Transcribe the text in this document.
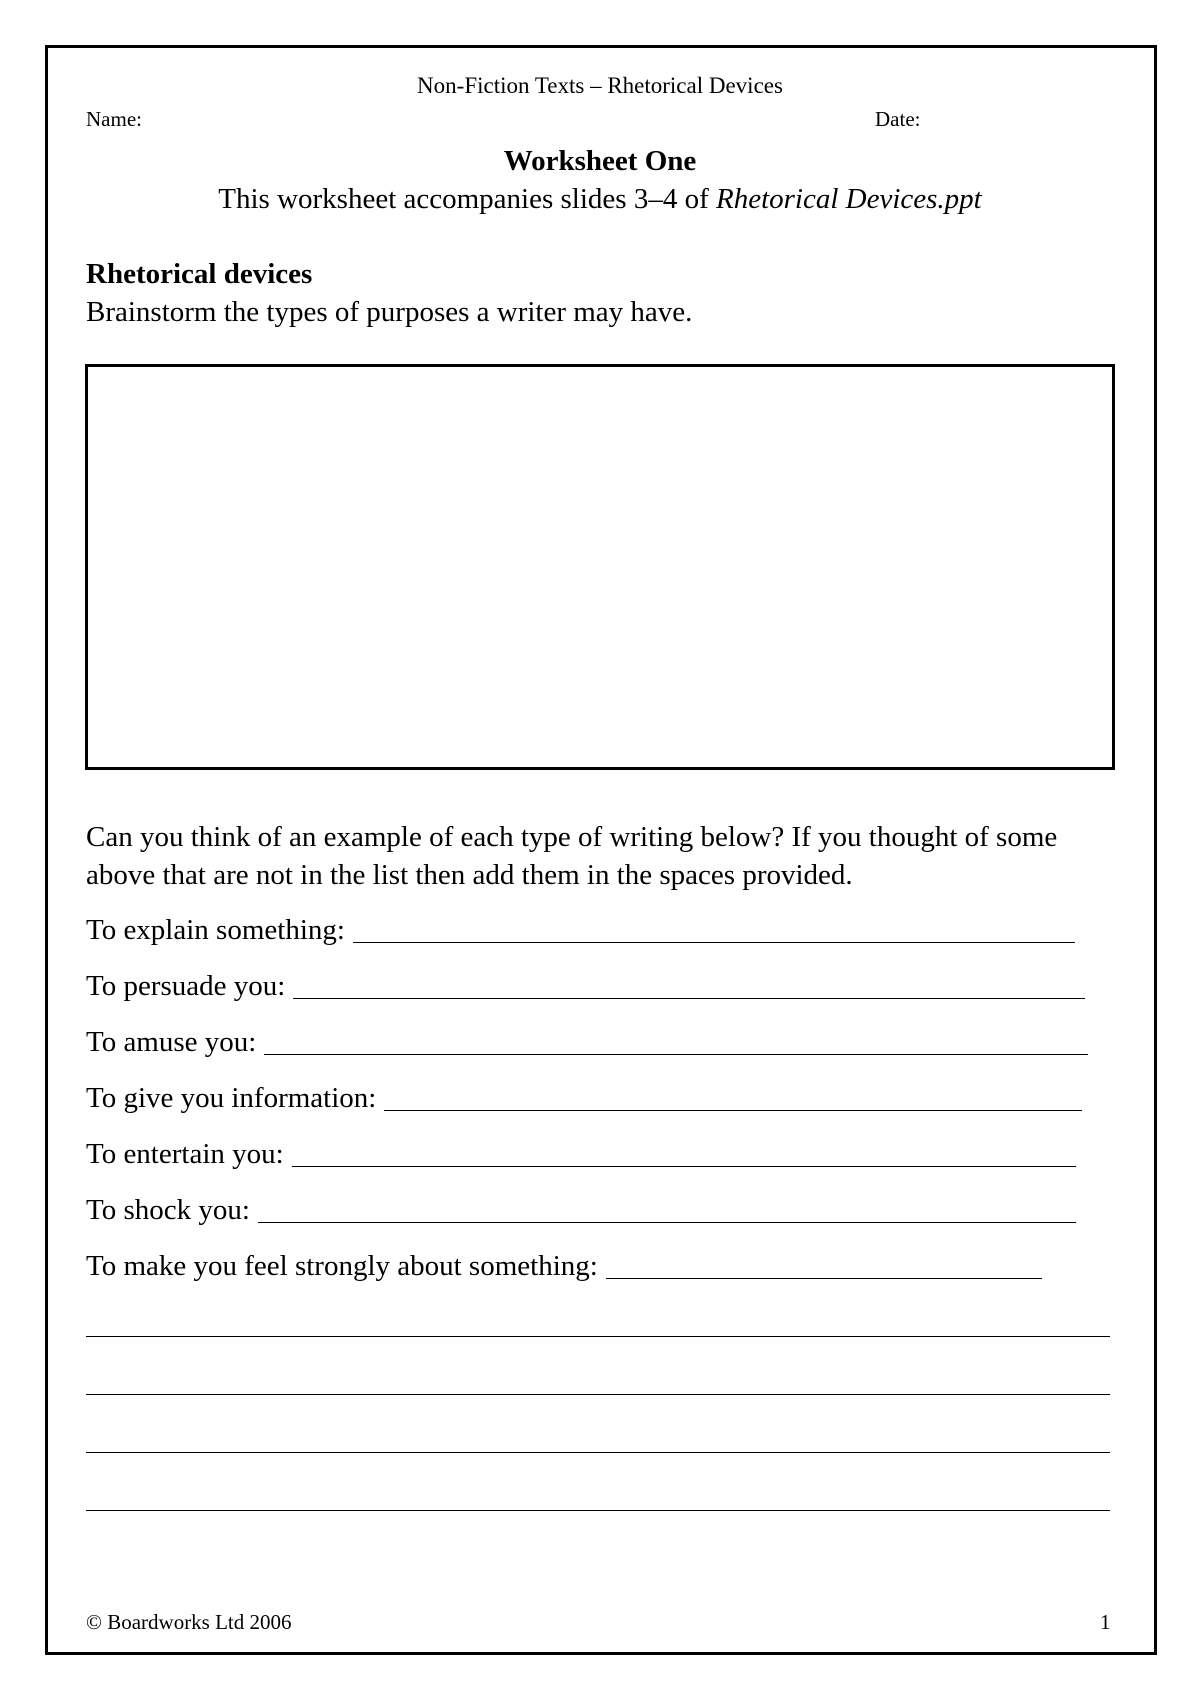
Non-Fiction Texts – Rhetorical Devices
Name:	Date:
Worksheet One
This worksheet accompanies slides 3–4 of Rhetorical Devices.ppt
Rhetorical devices
Brainstorm the types of purposes a writer may have.
Can you think of an example of each type of writing below? If you thought of some above that are not in the list then add them in the spaces provided.
To explain something:
To persuade you:
To amuse you:
To give you information:
To entertain you:
To shock you:
To make you feel strongly about something:
© Boardworks Ltd 2006	1
